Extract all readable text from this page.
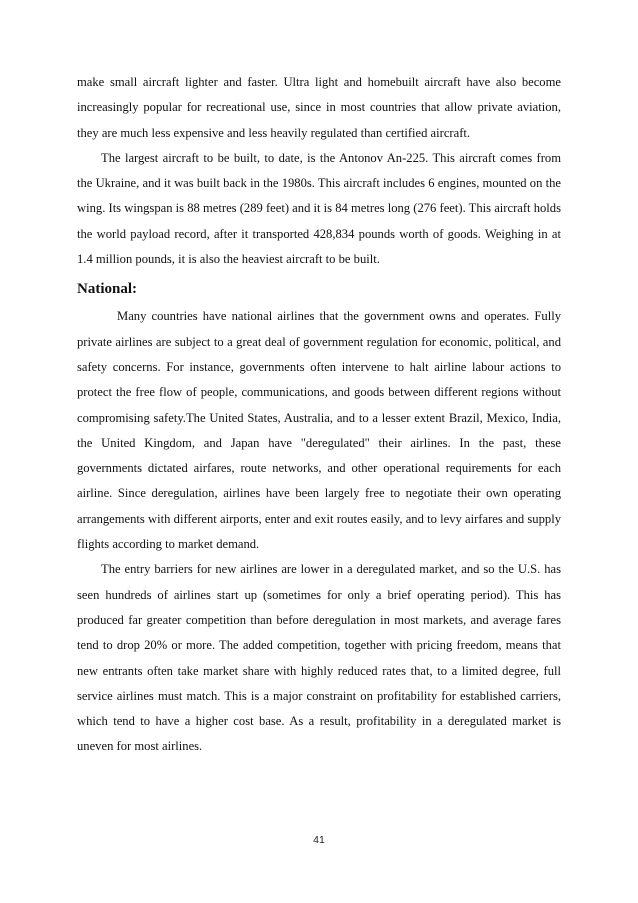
make small aircraft lighter and faster. Ultra light and homebuilt aircraft have also become increasingly popular for recreational use, since in most countries that allow private aviation, they are much less expensive and less heavily regulated than certified aircraft.

The largest aircraft to be built, to date, is the Antonov An-225. This aircraft comes from the Ukraine, and it was built back in the 1980s. This aircraft includes 6 engines, mounted on the wing. Its wingspan is 88 metres (289 feet) and it is 84 metres long (276 feet). This aircraft holds the world payload record, after it transported 428,834 pounds worth of goods. Weighing in at 1.4 million pounds, it is also the heaviest aircraft to be built.

National:

Many countries have national airlines that the government owns and operates. Fully private airlines are subject to a great deal of government regulation for economic, political, and safety concerns. For instance, governments often intervene to halt airline labour actions to protect the free flow of people, communications, and goods between different regions without compromising safety.The United States, Australia, and to a lesser extent Brazil, Mexico, India, the United Kingdom, and Japan have "deregulated" their airlines. In the past, these governments dictated airfares, route networks, and other operational requirements for each airline. Since deregulation, airlines have been largely free to negotiate their own operating arrangements with different airports, enter and exit routes easily, and to levy airfares and supply flights according to market demand.

The entry barriers for new airlines are lower in a deregulated market, and so the U.S. has seen hundreds of airlines start up (sometimes for only a brief operating period). This has produced far greater competition than before deregulation in most markets, and average fares tend to drop 20% or more. The added competition, together with pricing freedom, means that new entrants often take market share with highly reduced rates that, to a limited degree, full service airlines must match. This is a major constraint on profitability for established carriers, which tend to have a higher cost base. As a result, profitability in a deregulated market is uneven for most airlines.

41
